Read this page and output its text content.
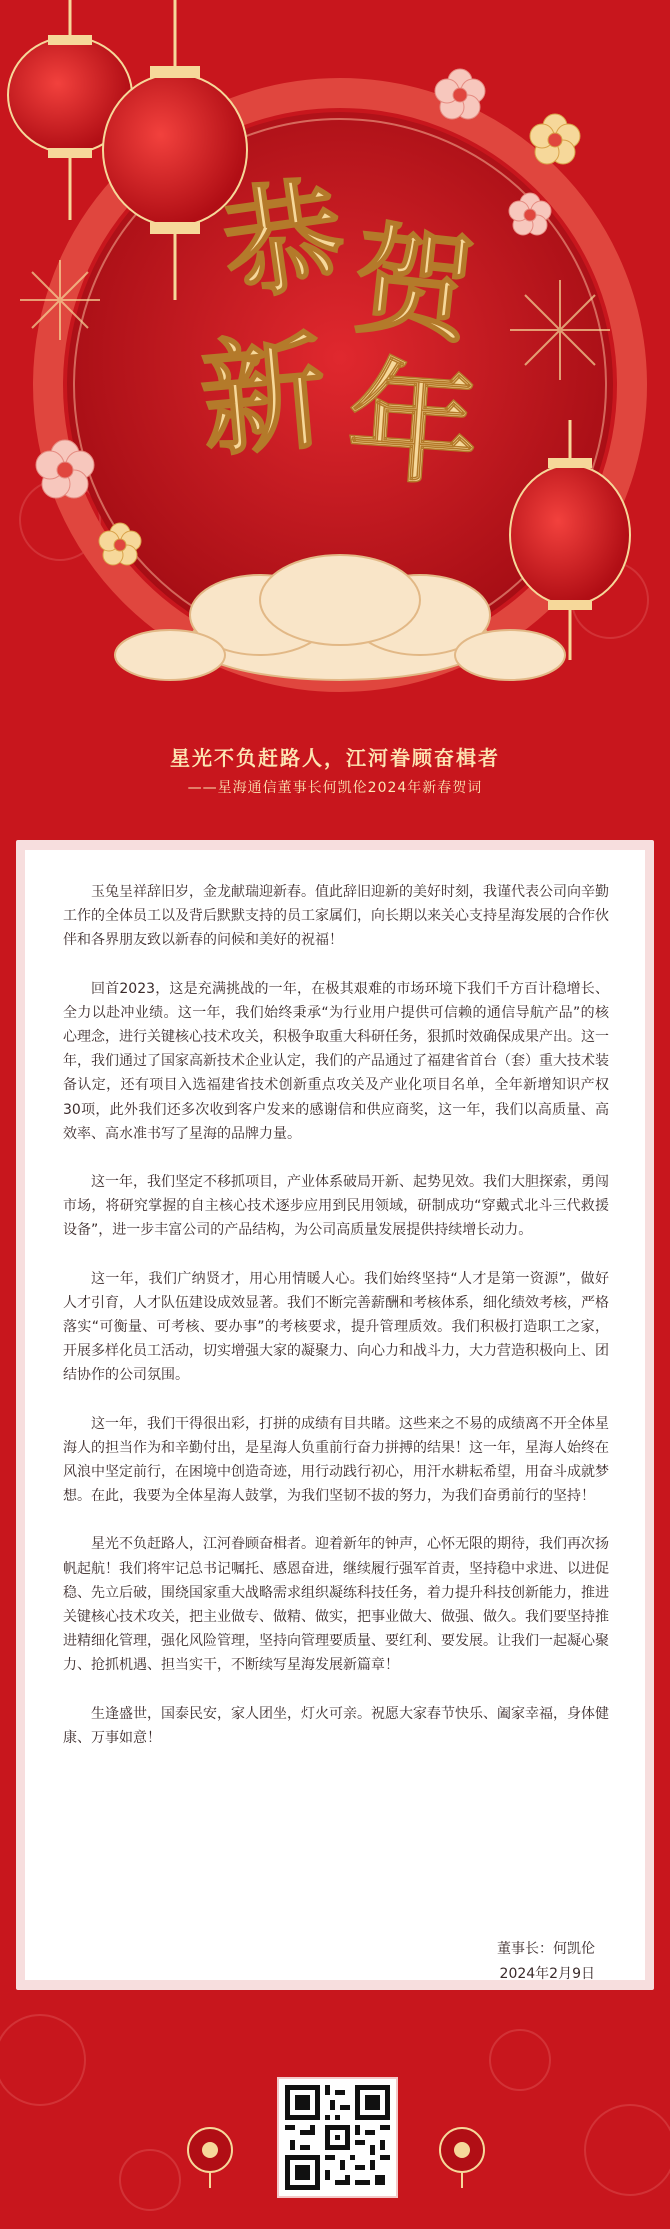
恭
贺
新 年
星光不负赶路人，江河眷顾奋楫者
——星海通信董事长何凯伦2024年新春贺词

玉兔呈祥辞旧岁，金龙献瑞迎新春。值此辞旧迎新的美好时刻，我谨代表公司向辛勤工作的全体员工以及背后默默支持的员工家属们，向长期以来关心支持星海发展的合作伙伴和各界朋友致以新春的问候和美好的祝福！

回首2023，这是充满挑战的一年，在极其艰难的市场环境下我们千方百计稳增长、全力以赴冲业绩。这一年，我们始终秉承“为行业用户提供可信赖的通信导航产品”的核心理念，进行关键核心技术攻关，积极争取重大科研任务，狠抓时效确保成果产出。这一年，我们通过了国家高新技术企业认定，我们的产品通过了福建省首台（套）重大技术装备认定，还有项目入选福建省技术创新重点攻关及产业化项目名单，全年新增知识产权30项，此外我们还多次收到客户发来的感谢信和供应商奖，这一年，我们以高质量、高效率、高水准书写了星海的品牌力量。

这一年，我们坚定不移抓项目，产业体系破局开新、起势见效。我们大胆探索，勇闯市场，将研究掌握的自主核心技术逐步应用到民用领域，研制成功“穿戴式北斗三代救援设备”，进一步丰富公司的产品结构，为公司高质量发展提供持续增长动力。

这一年，我们广纳贤才，用心用情暖人心。我们始终坚持“人才是第一资源”，做好人才引育，人才队伍建设成效显著。我们不断完善薪酬和考核体系，细化绩效考核，严格落实“可衡量、可考核、要办事”的考核要求，提升管理质效。我们积极打造职工之家，开展多样化员工活动，切实增强大家的凝聚力、向心力和战斗力，大力营造积极向上、团结协作的公司氛围。

这一年，我们干得很出彩，打拼的成绩有目共睹。这些来之不易的成绩离不开全体星海人的担当作为和辛勤付出，是星海人负重前行奋力拼搏的结果！这一年，星海人始终在风浪中坚定前行，在困境中创造奇迹，用行动践行初心，用汗水耕耘希望，用奋斗成就梦想。在此，我要为全体星海人鼓掌，为我们坚韧不拔的努力，为我们奋勇前行的坚持！

星光不负赶路人，江河眷顾奋楫者。迎着新年的钟声，心怀无限的期待，我们再次扬帆起航！我们将牢记总书记嘱托、感恩奋进，继续履行强军首责，坚持稳中求进、以进促稳、先立后破，围绕国家重大战略需求组织凝练科技任务，着力提升科技创新能力，推进关键核心技术攻关，把主业做专、做精、做实，把事业做大、做强、做久。我们要坚持推进精细化管理，强化风险管理，坚持向管理要质量、要红利、要发展。让我们一起凝心聚力、抢抓机遇、担当实干，不断续写星海发展新篇章！

生逢盛世，国泰民安，家人团坐，灯火可亲。祝愿大家春节快乐、阖家幸福，身体健康、万事如意！

董事长：何凯伦
2024年2月9日
